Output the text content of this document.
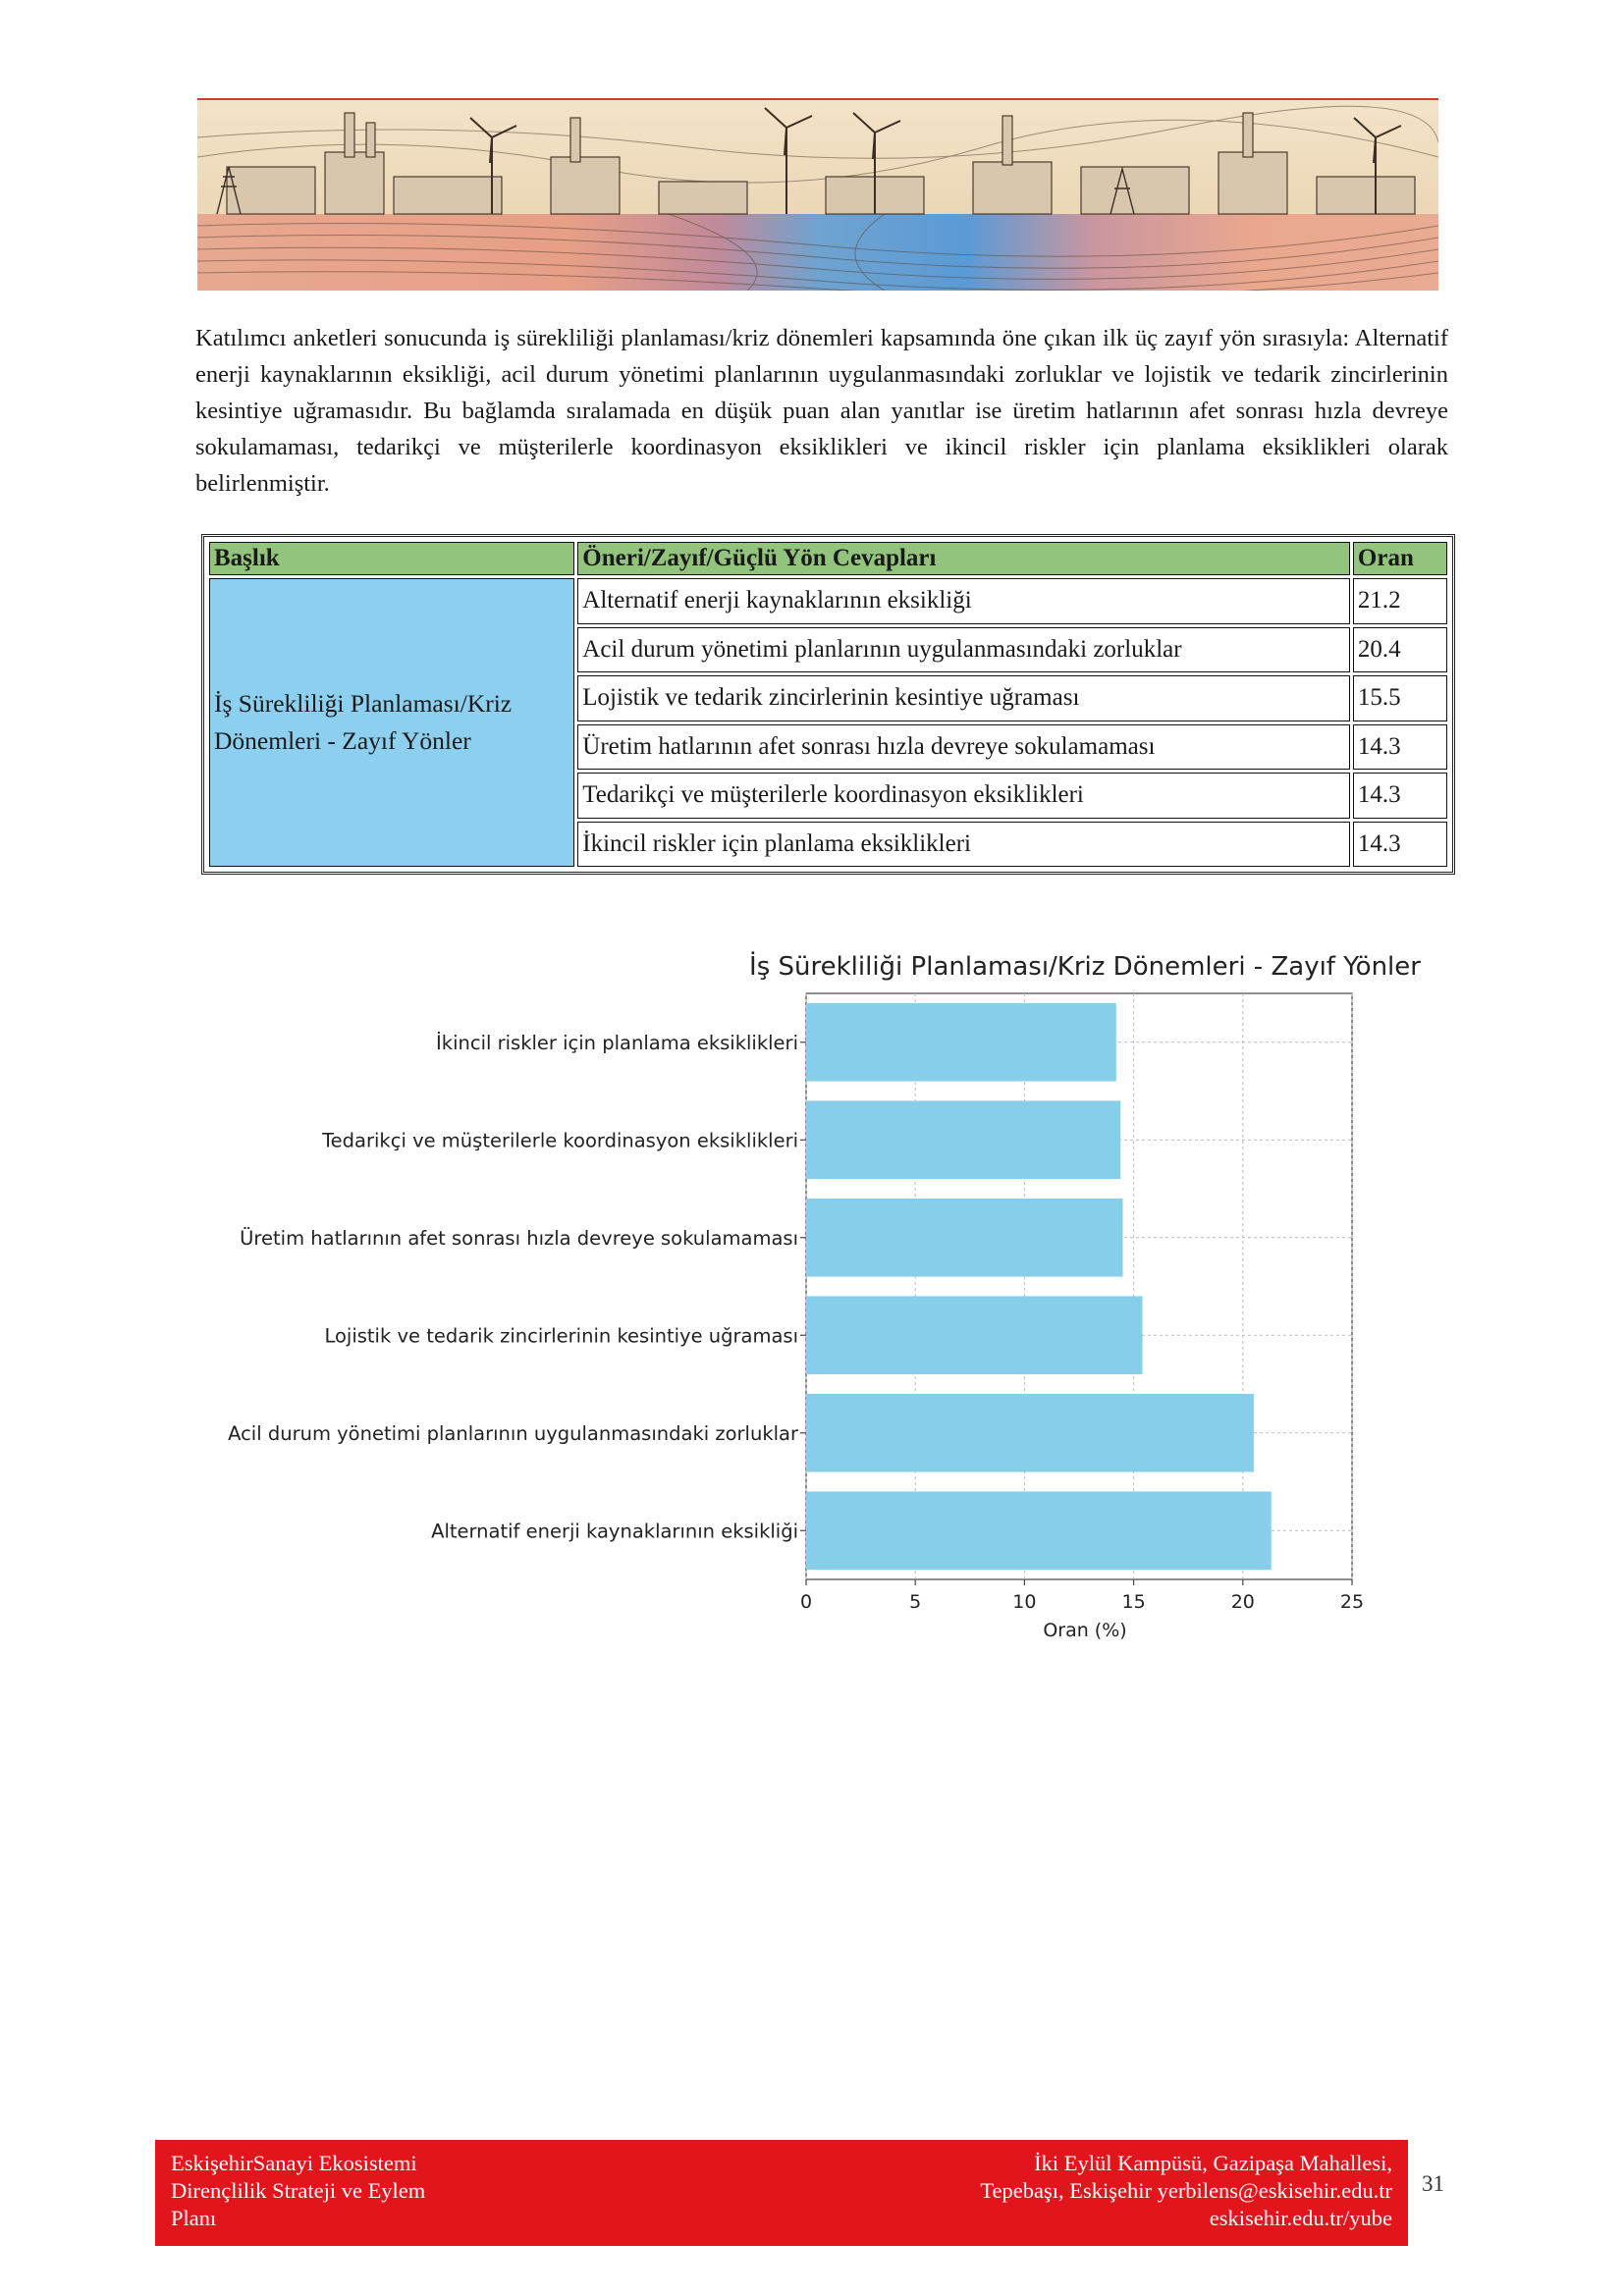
Katılımcı anketleri sonucunda iş sürekliliği planlaması/kriz dönemleri kapsamında öne çıkan ilk üç zayıf yön sırasıyla: Alternatif enerji kaynaklarının eksikliği, acil durum yönetimi planlarının uygulanmasındaki zorluklar ve lojistik ve tedarik zincirlerinin kesintiye uğramasıdır. Bu bağlamda sıralamada en düşük puan alan yanıtlar ise üretim hatlarının afet sonrası hızla devreye sokulamaması, tedarikçi ve müşterilerle koordinasyon eksiklikleri ve ikincil riskler için planlama eksiklikleri olarak belirlenmiştir.

Başlık	Öneri/Zayıf/Güçlü Yön Cevapları	Oran
İş Sürekliliği Planlaması/Kriz Dönemleri - Zayıf Yönler	Alternatif enerji kaynaklarının eksikliği	21.2
	Acil durum yönetimi planlarının uygulanmasındaki zorluklar	20.4
	Lojistik ve tedarik zincirlerinin kesintiye uğraması	15.5
	Üretim hatlarının afet sonrası hızla devreye sokulamaması	14.3
	Tedarikçi ve müşterilerle koordinasyon eksiklikleri	14.3
	İkincil riskler için planlama eksiklikleri	14.3
İş Sürekliliği Planlaması/Kriz Dönemleri - Zayıf Yönler
İkincil riskler için planlama eksiklikleri
Tedarikçi ve müşterilerle koordinasyon eksiklikleri
Üretim hatlarının afet sonrası hızla devreye sokulamaması
Lojistik ve tedarik zincirlerinin kesintiye uğraması
Acil durum yönetimi planlarının uygulanmasındaki zorluklar
Alternatif enerji kaynaklarının eksikliği
0	5	10	15	20	25
Oran (%)
EskişehirSanayi Ekosistemi
Dirençlilik Strateji ve Eylem
Planı
İki Eylül Kampüsü, Gazipaşa Mahallesi,
Tepebaşı, Eskişehir yerbilens@eskisehir.edu.tr
eskisehir.edu.tr/yube
31
